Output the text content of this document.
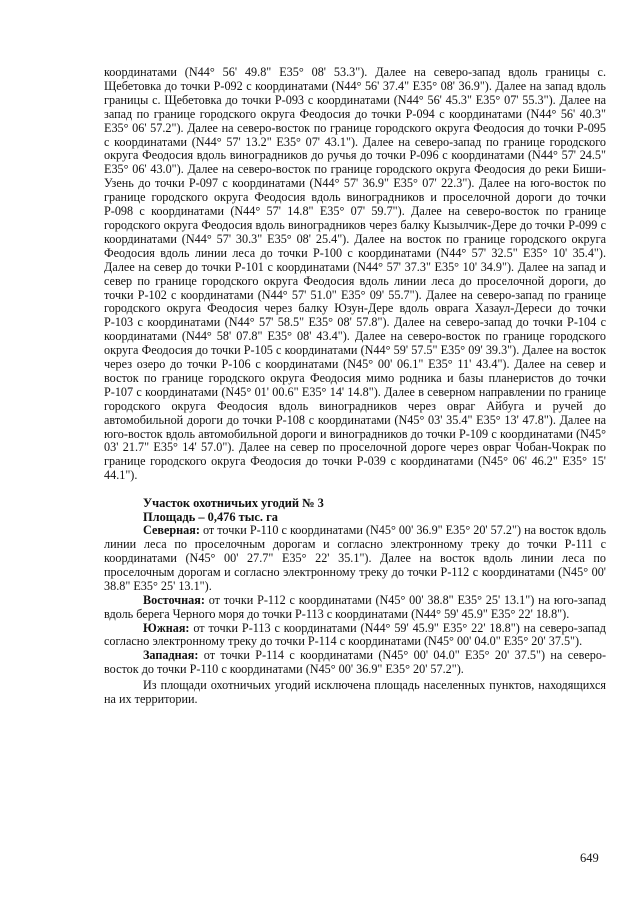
координатами (N44° 56' 49.8" E35° 08' 53.3"). Далее на северо-запад вдоль границы с. Щебетовка до точки Р-092 с координатами (N44° 56' 37.4" E35° 08' 36.9"). Далее на запад вдоль границы с. Щебетовка до точки Р-093 с координатами (N44° 56' 45.3" E35° 07' 55.3"). Далее на запад по границе городского округа Феодосия до точки Р-094 с координатами (N44° 56' 40.3" E35° 06' 57.2"). Далее на северо-восток по границе городского округа Феодосия до точки Р-095 с координатами (N44° 57' 13.2" E35° 07' 43.1"). Далее на северо-запад по границе городского округа Феодосия вдоль виноградников до ручья до точки Р-096 с координатами (N44° 57' 24.5" E35° 06' 43.0"). Далее на северо-восток по границе городского округа Феодосия до реки Биши-Узень до точки Р-097 с координатами (N44° 57' 36.9" E35° 07' 22.3"). Далее на юго-восток по границе городского округа Феодосия вдоль виноградников и проселочной дороги до точки Р-098 с координатами (N44° 57' 14.8" E35° 07' 59.7"). Далее на северо-восток по границе городского округа Феодосия вдоль виноградников через балку Кызылчик-Дере до точки Р-099 с координатами (N44° 57' 30.3" E35° 08' 25.4"). Далее на восток по границе городского округа Феодосия вдоль линии леса до точки Р-100 с координатами (N44° 57' 32.5" E35° 10' 35.4"). Далее на север до точки Р-101 с координатами (N44° 57' 37.3" E35° 10' 34.9"). Далее на запад и север по границе городского округа Феодосия вдоль линии леса до проселочной дороги, до точки Р-102 с координатами (N44° 57' 51.0" E35° 09' 55.7"). Далее на северо-запад по границе городского округа Феодосия через балку Юзун-Дере вдоль оврага Хазаул-Дереси до точки Р-103 с координатами (N44° 57' 58.5" E35° 08' 57.8"). Далее на северо-запад до точки Р-104 с координатами (N44° 58' 07.8" E35° 08' 43.4"). Далее на северо-восток по границе городского округа Феодосия до точки Р-105 с координатами (N44° 59' 57.5" E35° 09' 39.3"). Далее на восток через озеро до точки Р-106 с координатами (N45° 00' 06.1" E35° 11' 43.4"). Далее на север и восток по границе городского округа Феодосия мимо родника и базы планеристов до точки Р-107 с координатами (N45° 01' 00.6" E35° 14' 14.8"). Далее в северном направлении по границе городского округа Феодосия вдоль виноградников через овраг Айбуга и ручей до автомобильной дороги до точки Р-108 с координатами (N45° 03' 35.4" E35° 13' 47.8"). Далее на юго-восток вдоль автомобильной дороги и виноградников до точки Р-109 с координатами (N45° 03' 21.7" E35° 14' 57.0"). Далее на север по проселочной дороге через овраг Чобан-Чокрак по границе городского округа Феодосия до точки Р-039 с координатами (N45° 06' 46.2" E35° 15' 44.1").

Участок охотничьих угодий № 3
Площадь – 0,476 тыс. га

Северная: от точки Р-110 с координатами (N45° 00' 36.9" E35° 20' 57.2") на восток вдоль линии леса по проселочным дорогам и согласно электронному треку до точки Р-111 с координатами (N45° 00' 27.7" E35° 22' 35.1"). Далее на восток вдоль линии леса по проселочным дорогам и согласно электронному треку до точки Р-112 с координатами (N45° 00' 38.8" E35° 25' 13.1").

Восточная: от точки Р-112 с координатами (N45° 00' 38.8" E35° 25' 13.1") на юго-запад вдоль берега Черного моря до точки Р-113 с координатами (N44° 59' 45.9" E35° 22' 18.8").

Южная: от точки Р-113 с координатами (N44° 59' 45.9" E35° 22' 18.8") на северо-запад согласно электронному треку до точки Р-114 с координатами (N45° 00' 04.0" E35° 20' 37.5").

Западная: от точки Р-114 с координатами (N45° 00' 04.0" E35° 20' 37.5") на северо-восток до точки Р-110 с координатами (N45° 00' 36.9" E35° 20' 57.2").

Из площади охотничьих угодий исключена площадь населенных пунктов, находящихся на их территории.

649
